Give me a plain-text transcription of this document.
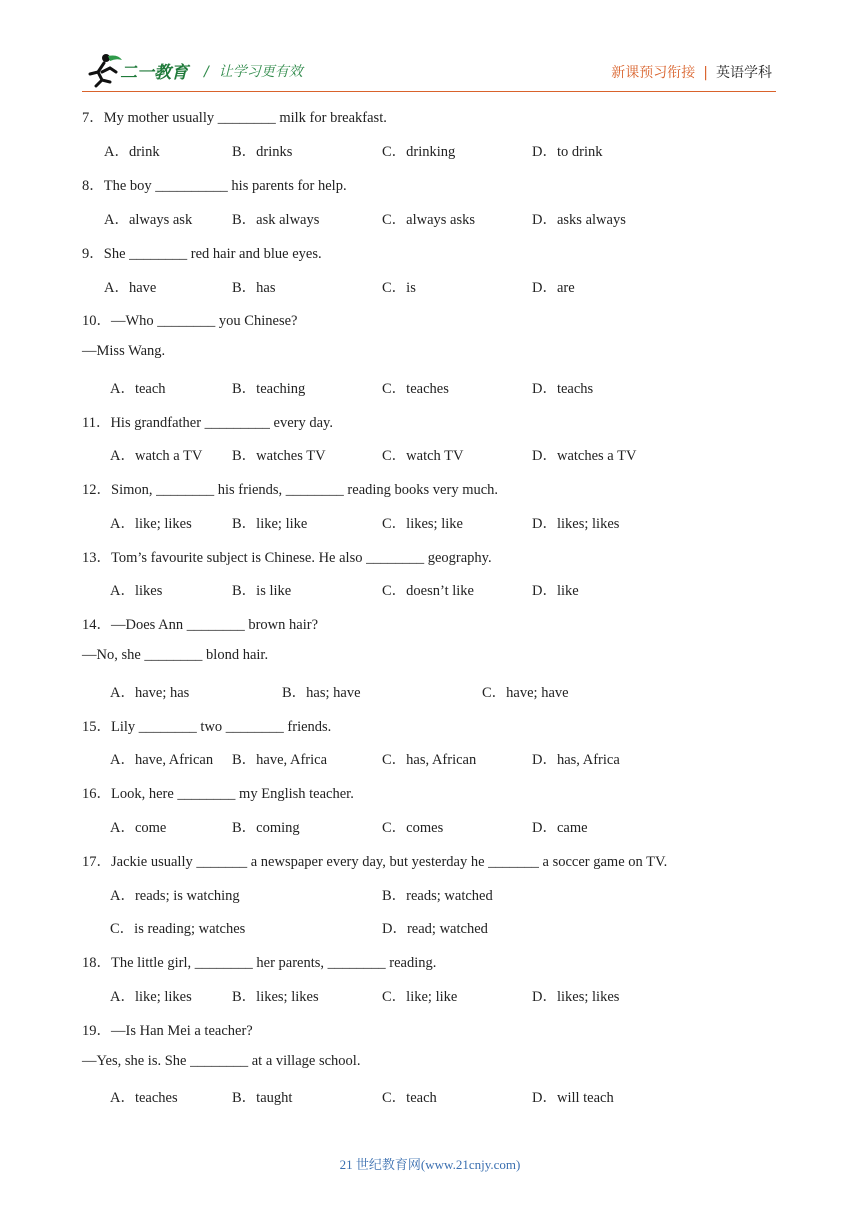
二一教育 / 让学习更有效	新课预习衔接 | 英语学科
7．My mother usually ________ milk for breakfast.
A．drink	B．drinks	C．drinking	D．to drink
8．The boy __________ his parents for help.
A．always ask	B．ask always	C．always asks	D．asks always
9．She ________ red hair and blue eyes.
A．have	B．has	C．is	D．are
10．—Who ________ you Chinese?
—Miss Wang.
A．teach	B．teaching	C．teaches	D．teachs
11．His grandfather _________ every day.
A．watch a TV B．watches TV	C．watch TV	D．watches a TV
12．Simon, ________ his friends, ________ reading books very much.
A．like; likes	B．like; like	C．likes; like	D．likes; likes
13．Tom’s favourite subject is Chinese. He also ________ geography.
A．likes	B．is like	C．doesn’t like	D．like
14．—Does Ann ________ brown hair?
—No, she ________ blond hair.
A．have; has	B．has; have	C．have; have
15．Lily ________ two ________ friends.
A．have, African B．have, Africa	C．has, African	D．has, Africa
16．Look, here ________ my English teacher.
A．come	B．coming	C．comes	D．came
17．Jackie usually _______ a newspaper every day, but yesterday he _______ a soccer game on TV.
A．reads; is watching	B．reads; watched
C．is reading; watches	D．read; watched
18．The little girl, ________ her parents, ________ reading.
A．like; likes	B．likes; likes	C．like; like	D．likes; likes
19．—Is Han Mei a teacher?
—Yes, she is. She ________ at a village school.
A．teaches	B．taught	C．teach	D．will teach
21 世纪教育网(www.21cnjy.com)
